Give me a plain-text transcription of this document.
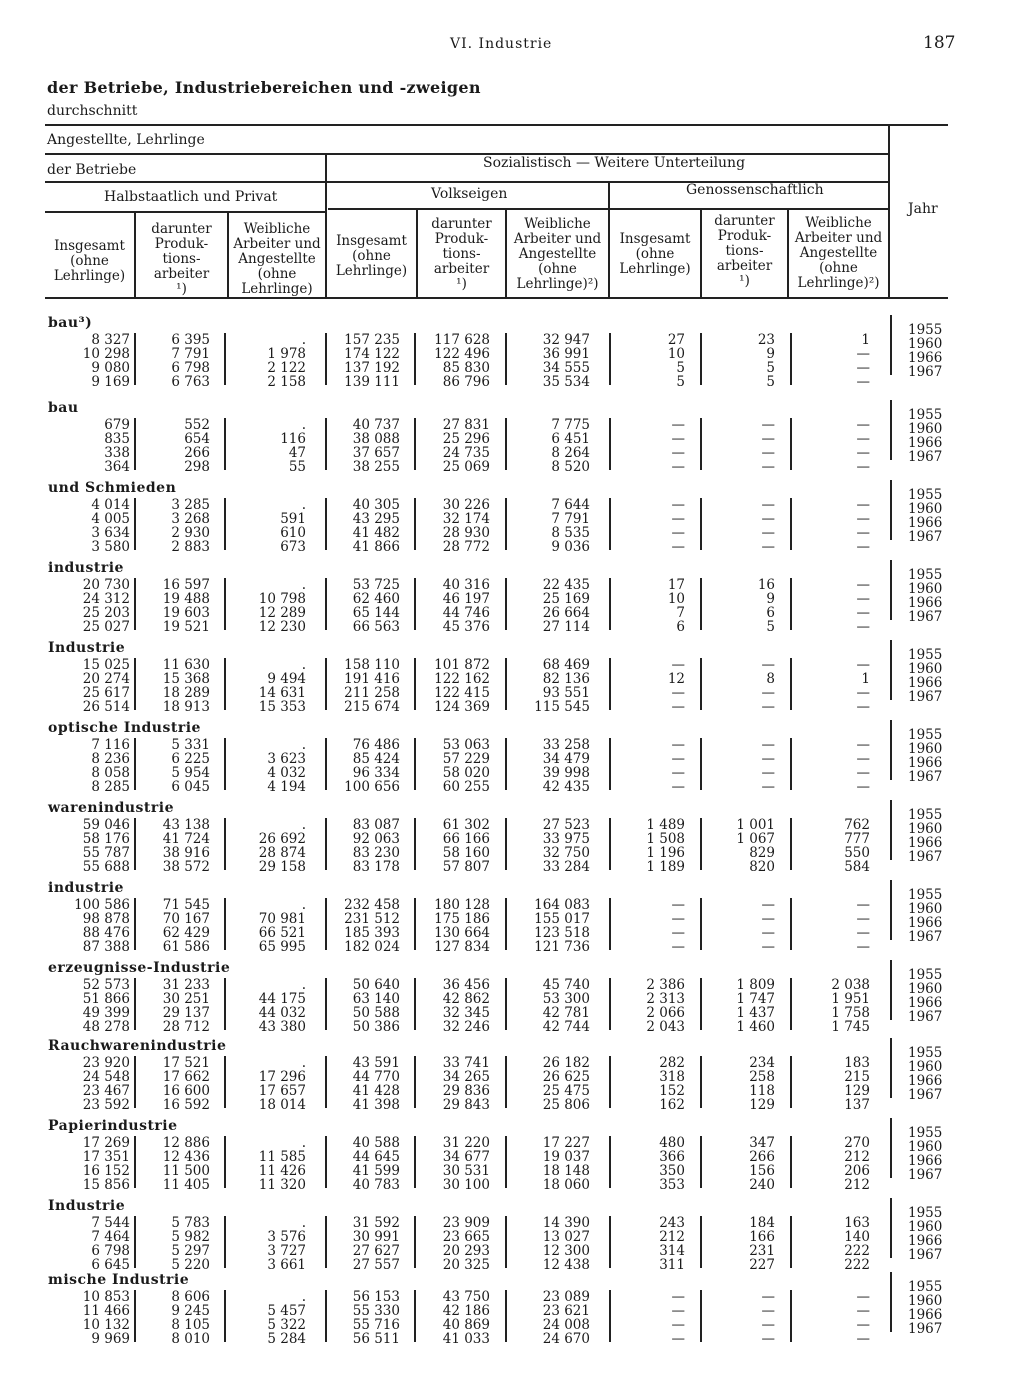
VI. Industrie	187
der Betriebe, Industriebereichen und -zweigen
durchschnitt
Angestellte, Lehrlinge
der Betriebe
Halbstaatlich und Privat
Sozialistisch — Weitere Unterteilung
Volkseigen	Genossenschaftlich
Jahr
Insgesamt
(ohne
Lehrlinge)
darunter
Produk-
tions-
arbeiter
¹)
Weibliche
Arbeiter und
Angestellte
(ohne
Lehrlinge)
Insgesamt
(ohne
Lehrlinge)
darunter
Produk-
tions-
arbeiter
¹)
Weibliche
Arbeiter und
Angestellte
(ohne
Lehrlinge)²)
Insgesamt
(ohne
Lehrlinge)
darunter
Produk-
tions-
arbeiter
¹)
Weibliche
Arbeiter und
Angestellte
(ohne
Lehrlinge)²)
bau³)
8 327
10 298
9 080
9 169
6 395
7 791
6 798
6 763
.
1 978
2 122
2 158
157 235
174 122
137 192
139 111
117 628
122 496
85 830
86 796
32 947
36 991
34 555
35 534
27
10
5
5
23
9
5
5
1
—
—
—
1955
1960
1966
1967
bau
679
835
338
364
552
654
266
298
.
116
47
55
40 737
38 088
37 657
38 255
27 831
25 296
24 735
25 069
7 775
6 451
8 264
8 520
—
—
—
—
—
—
—
—
—
—
—
—
1955
1960
1966
1967
und Schmieden
4 014
4 005
3 634
3 580
3 285
3 268
2 930
2 883
.
591
610
673
40 305
43 295
41 482
41 866
30 226
32 174
28 930
28 772
7 644
7 791
8 535
9 036
—
—
—
—
—
—
—
—
—
—
—
—
1955
1960
1966
1967
industrie
20 730
24 312
25 203
25 027
16 597
19 488
19 603
19 521
.
10 798
12 289
12 230
53 725
62 460
65 144
66 563
40 316
46 197
44 746
45 376
22 435
25 169
26 664
27 114
17
10
7
6
16
9
6
5
—
—
—
—
1955
1960
1966
1967
Industrie
15 025
20 274
25 617
26 514
11 630
15 368
18 289
18 913
.
9 494
14 631
15 353
158 110
191 416
211 258
215 674
101 872
122 162
122 415
124 369
68 469
82 136
93 551
115 545
—
12
—
—
—
8
—
—
—
1
—
—
1955
1960
1966
1967
optische Industrie
7 116
8 236
8 058
8 285
5 331
6 225
5 954
6 045
.
3 623
4 032
4 194
76 486
85 424
96 334
100 656
53 063
57 229
58 020
60 255
33 258
34 479
39 998
42 435
—
—
—
—
—
—
—
—
—
—
—
—
1955
1960
1966
1967
warenindustrie
59 046
58 176
55 787
55 688
43 138
41 724
38 916
38 572
.
26 692
28 874
29 158
83 087
92 063
83 230
83 178
61 302
66 166
58 160
57 807
27 523
33 975
32 750
33 284
1 489
1 508
1 196
1 189
1 001
1 067
829
820
762
777
550
584
1955
1960
1966
1967
industrie
100 586
98 878
88 476
87 388
71 545
70 167
62 429
61 586
.
70 981
66 521
65 995
232 458
231 512
185 393
182 024
180 128
175 186
130 664
127 834
164 083
155 017
123 518
121 736
—
—
—
—
—
—
—
—
—
—
—
—
1955
1960
1966
1967
erzeugnisse-Industrie
52 573
51 866
49 399
48 278
31 233
30 251
29 137
28 712
.
44 175
44 032
43 380
50 640
63 140
50 588
50 386
36 456
42 862
32 345
32 246
45 740
53 300
42 781
42 744
2 386
2 313
2 066
2 043
1 809
1 747
1 437
1 460
2 038
1 951
1 758
1 745
1955
1960
1966
1967
Rauchwarenindustrie
23 920
24 548
23 467
23 592
17 521
17 662
16 600
16 592
.
17 296
17 657
18 014
43 591
44 770
41 428
41 398
33 741
34 265
29 836
29 843
26 182
26 625
25 475
25 806
282
318
152
162
234
258
118
129
183
215
129
137
1955
1960
1966
1967
Papierindustrie
17 269
17 351
16 152
15 856
12 886
12 436
11 500
11 405
.
11 585
11 426
11 320
40 588
44 645
41 599
40 783
31 220
34 677
30 531
30 100
17 227
19 037
18 148
18 060
480
366
350
353
347
266
156
240
270
212
206
212
1955
1960
1966
1967
Industrie
7 544
7 464
6 798
6 645
5 783
5 982
5 297
5 220
.
3 576
3 727
3 661
31 592
30 991
27 627
27 557
23 909
23 665
20 293
20 325
14 390
13 027
12 300
12 438
243
212
314
311
184
166
231
227
163
140
222
222
1955
1960
1966
1967
mische Industrie
10 853
11 466
10 132
9 969
8 606
9 245
8 105
8 010
.
5 457
5 322
5 284
56 153
55 330
55 716
56 511
43 750
42 186
40 869
41 033
23 089
23 621
24 008
24 670
—
—
—
—
—
—
—
—
—
—
—
—
1955
1960
1966
1967
